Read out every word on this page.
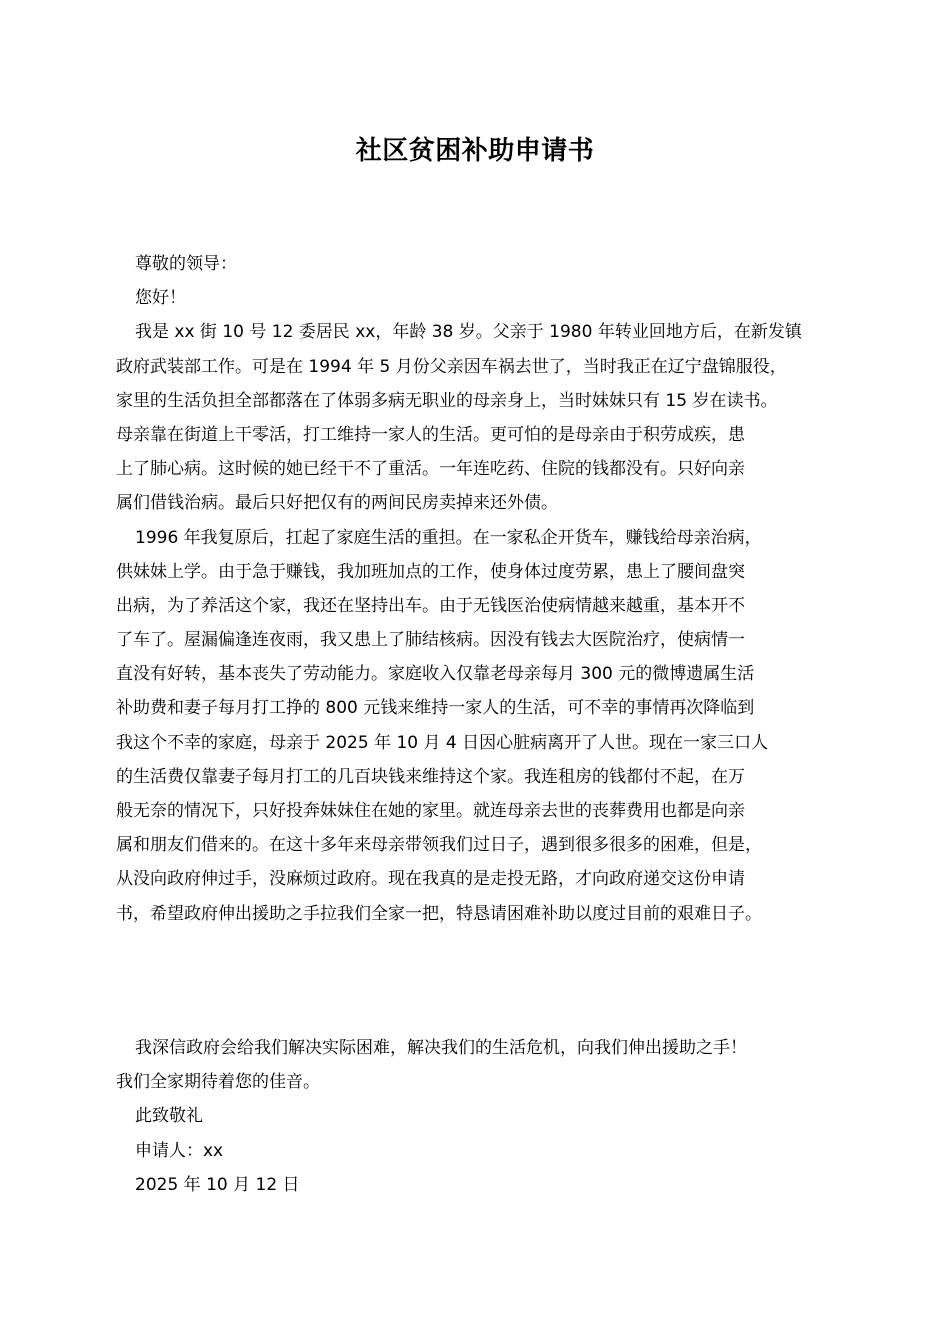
社区贫困补助申请书
尊敬的领导：
您好！
我是 xx 街 10 号 12 委居民 xx，年龄 38 岁。父亲于 1980 年转业回地方后，在新发镇
政府武装部工作。可是在 1994 年 5 月份父亲因车祸去世了，当时我正在辽宁盘锦服役，
家里的生活负担全部都落在了体弱多病无职业的母亲身上，当时妹妹只有 15 岁在读书。
母亲靠在街道上干零活，打工维持一家人的生活。更可怕的是母亲由于积劳成疾，患
上了肺心病。这时候的她已经干不了重活。一年连吃药、住院的钱都没有。只好向亲
属们借钱治病。最后只好把仅有的两间民房卖掉来还外债。
1996 年我复原后，扛起了家庭生活的重担。在一家私企开货车，赚钱给母亲治病，
供妹妹上学。由于急于赚钱，我加班加点的工作，使身体过度劳累，患上了腰间盘突
出病，为了养活这个家，我还在坚持出车。由于无钱医治使病情越来越重，基本开不
了车了。屋漏偏逢连夜雨，我又患上了肺结核病。因没有钱去大医院治疗，使病情一
直没有好转，基本丧失了劳动能力。家庭收入仅靠老母亲每月 300 元的微博遗属生活
补助费和妻子每月打工挣的 800 元钱来维持一家人的生活，可不幸的事情再次降临到
我这个不幸的家庭，母亲于 2025 年 10 月 4 日因心脏病离开了人世。现在一家三口人
的生活费仅靠妻子每月打工的几百块钱来维持这个家。我连租房的钱都付不起，在万
般无奈的情况下，只好投奔妹妹住在她的家里。就连母亲去世的丧葬费用也都是向亲
属和朋友们借来的。在这十多年来母亲带领我们过日子，遇到很多很多的困难，但是，
从没向政府伸过手，没麻烦过政府。现在我真的是走投无路，才向政府递交这份申请
书，希望政府伸出援助之手拉我们全家一把，特恳请困难补助以度过目前的艰难日子。
我深信政府会给我们解决实际困难，解决我们的生活危机，向我们伸出援助之手！
我们全家期待着您的佳音。
此致敬礼
申请人：xx
2025 年 10 月 12 日
